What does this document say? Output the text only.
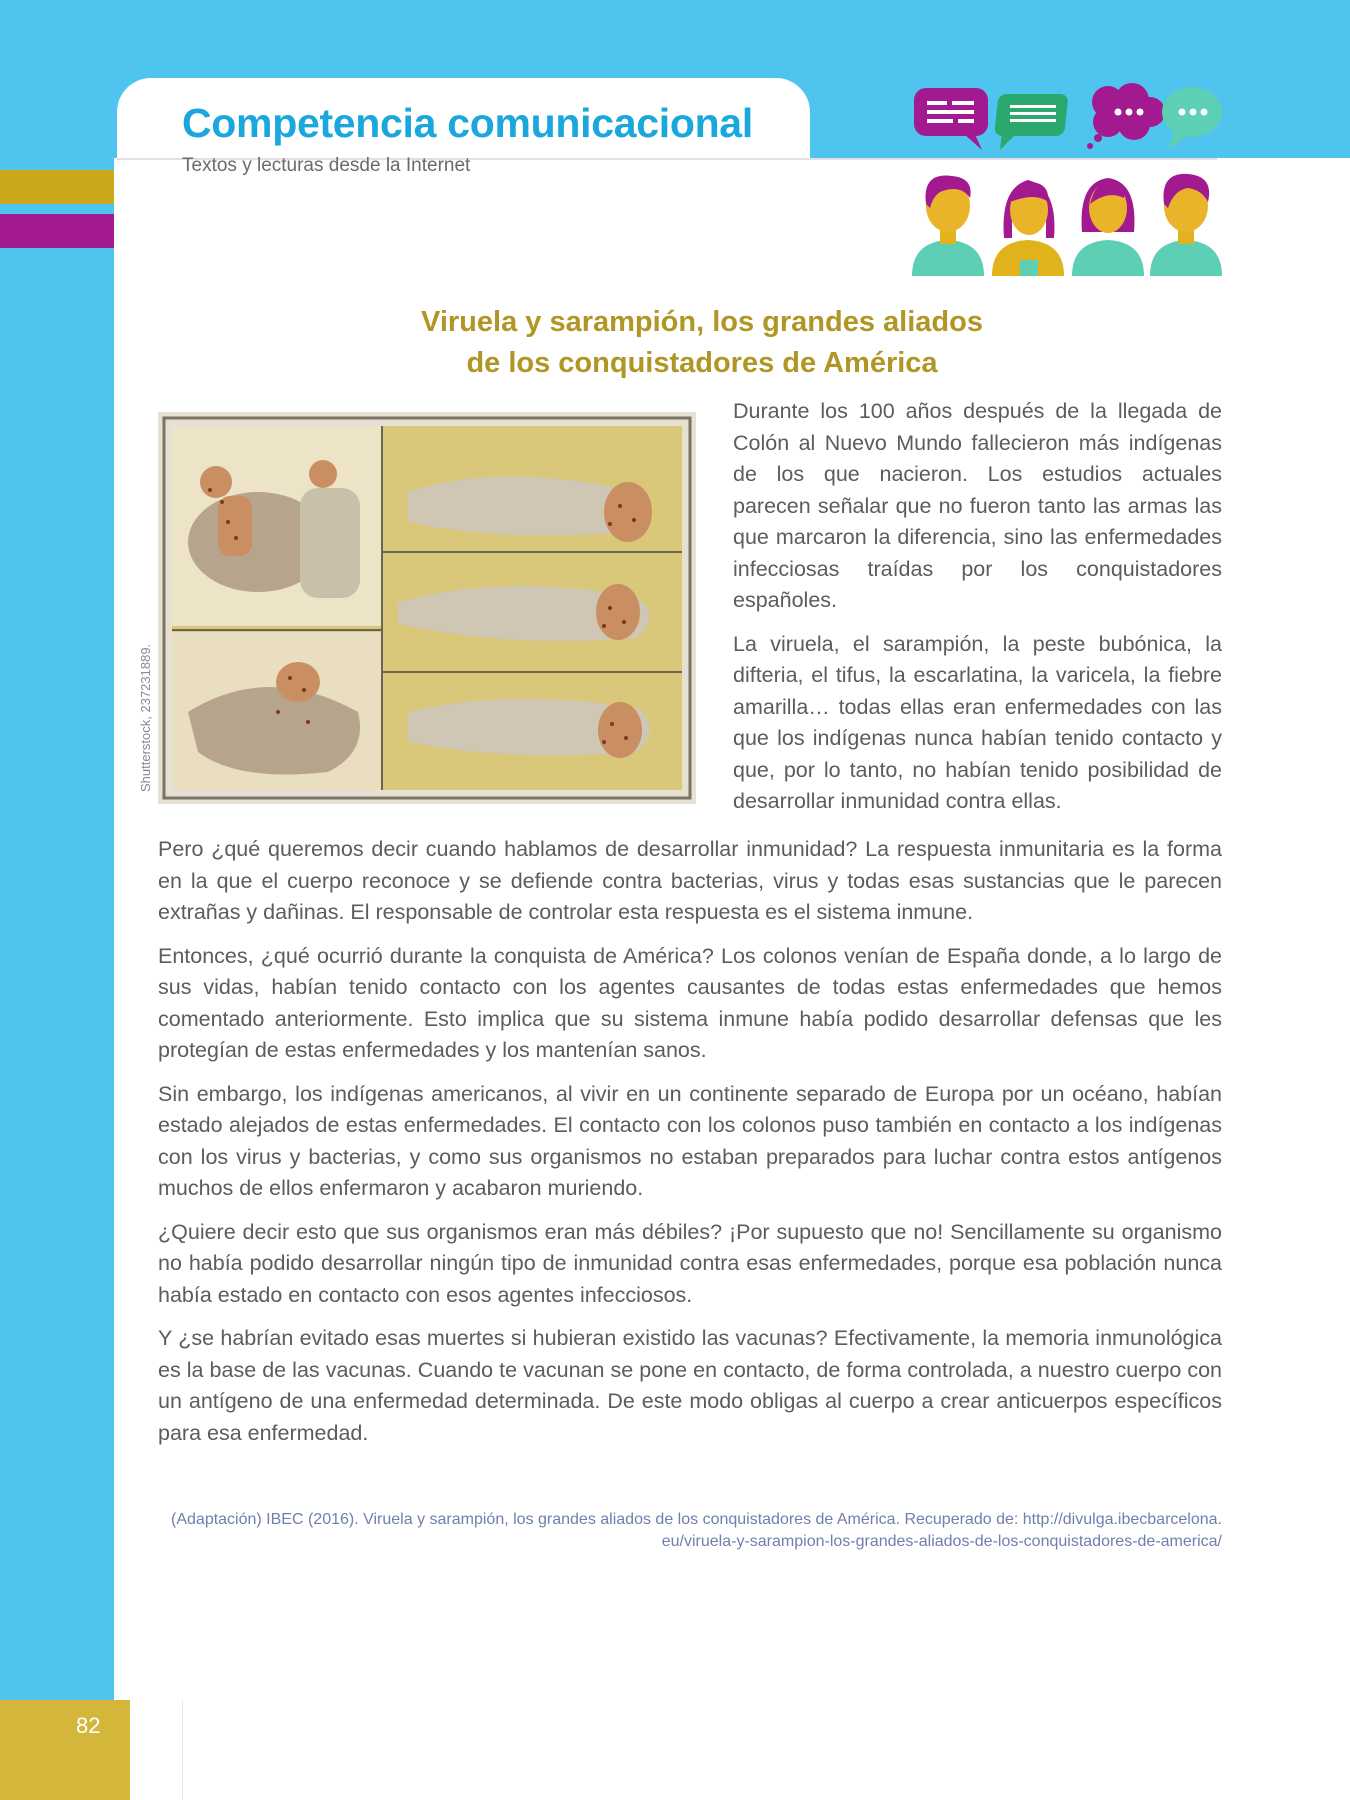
Competencia comunicacional
Textos y lecturas desde la Internet
Viruela y sarampión, los grandes aliados
de los conquistadores de América
Shutterstock, 237231889.

Durante los 100 años después de la llegada de Colón al Nuevo Mundo fallecieron más indígenas de los que nacieron. Los estudios actuales parecen señalar que no fueron tanto las armas las que marcaron la diferencia, sino las enfermedades infecciosas traídas por los conquistadores españoles.

La viruela, el sarampión, la peste bubónica, la difteria, el tifus, la escarlatina, la varicela, la fiebre amarilla… todas ellas eran enfermedades con las que los indígenas nunca habían tenido contacto y que, por lo tanto, no habían tenido posibilidad de desarrollar inmunidad contra ellas.

Pero ¿qué queremos decir cuando hablamos de desarrollar inmunidad? La respuesta inmunitaria es la forma en la que el cuerpo reconoce y se defiende contra bacterias, virus y todas esas sustancias que le parecen extrañas y dañinas. El responsable de controlar esta respuesta es el sistema inmune.

Entonces, ¿qué ocurrió durante la conquista de América? Los colonos venían de España donde, a lo largo de sus vidas, habían tenido contacto con los agentes causantes de todas estas enfermedades que hemos comentado anteriormente. Esto implica que su sistema inmune había podido desarrollar defensas que les protegían de estas enfermedades y los mantenían sanos.

Sin embargo, los indígenas americanos, al vivir en un continente separado de Europa por un océano, habían estado alejados de estas enfermedades. El contacto con los colonos puso también en contacto a los indígenas con los virus y bacterias, y como sus organismos no estaban preparados para luchar contra estos antígenos muchos de ellos enfermaron y acabaron muriendo.

¿Quiere decir esto que sus organismos eran más débiles? ¡Por supuesto que no! Sencillamente su organismo no había podido desarrollar ningún tipo de inmunidad contra esas enfermedades, porque esa población nunca había estado en contacto con esos agentes infecciosos.

Y ¿se habrían evitado esas muertes si hubieran existido las vacunas? Efectivamente, la memoria inmunológica es la base de las vacunas. Cuando te vacunan se pone en contacto, de forma controlada, a nuestro cuerpo con un antígeno de una enfermedad determinada. De este modo obligas al cuerpo a crear anticuerpos específicos para esa enfermedad.

(Adaptación) IBEC (2016). Viruela y sarampión, los grandes aliados de los conquistadores de América. Recuperado de: http://divulga.ibecbarcelona.
eu/viruela-y-sarampion-los-grandes-aliados-de-los-conquistadores-de-america/
82
